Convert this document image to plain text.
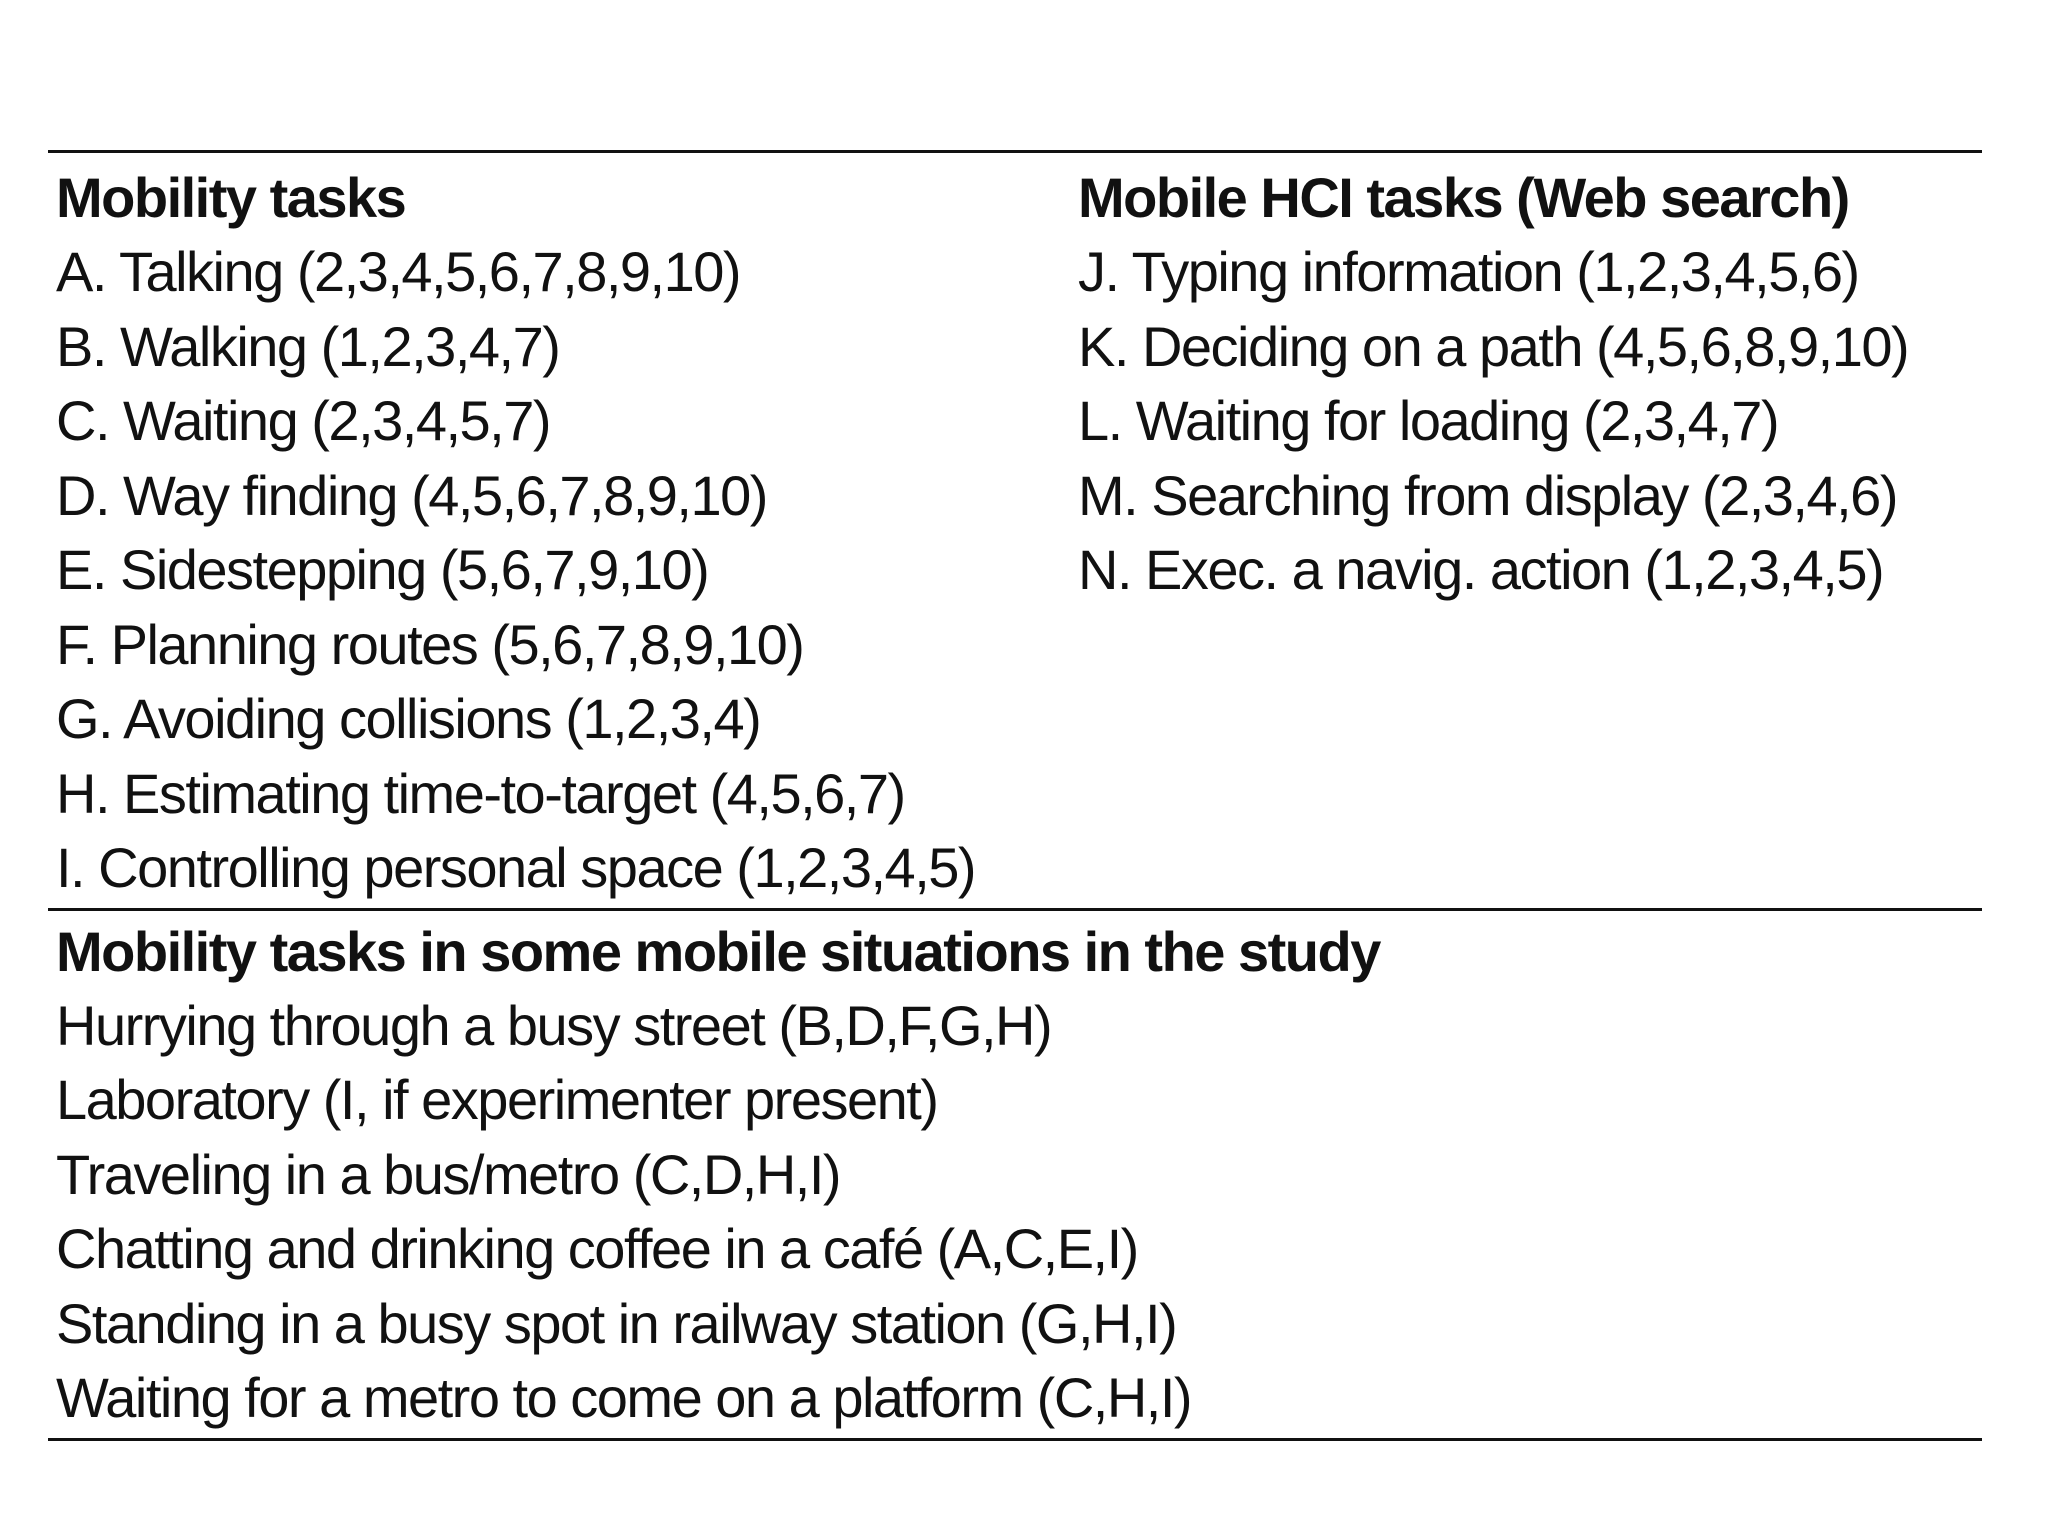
Mobility tasks
A. Talking (2,3,4,5,6,7,8,9,10)
B. Walking (1,2,3,4,7)
C. Waiting (2,3,4,5,7)
D. Way finding (4,5,6,7,8,9,10)
E. Sidestepping (5,6,7,9,10)
F. Planning routes (5,6,7,8,9,10)
G. Avoiding collisions (1,2,3,4)
H. Estimating time-to-target (4,5,6,7)
I. Controlling personal space (1,2,3,4,5)
Mobile HCI tasks (Web search)
J. Typing information (1,2,3,4,5,6)
K. Deciding on a path (4,5,6,8,9,10)
L. Waiting for loading (2,3,4,7)
M. Searching from display (2,3,4,6)
N. Exec. a navig. action (1,2,3,4,5)
Mobility tasks in some mobile situations in the study
Hurrying through a busy street (B,D,F,G,H)
Laboratory (I, if experimenter present)
Traveling in a bus/metro (C,D,H,I)
Chatting and drinking coffee in a café (A,C,E,I)
Standing in a busy spot in railway station (G,H,I)
Waiting for a metro to come on a platform (C,H,I)
